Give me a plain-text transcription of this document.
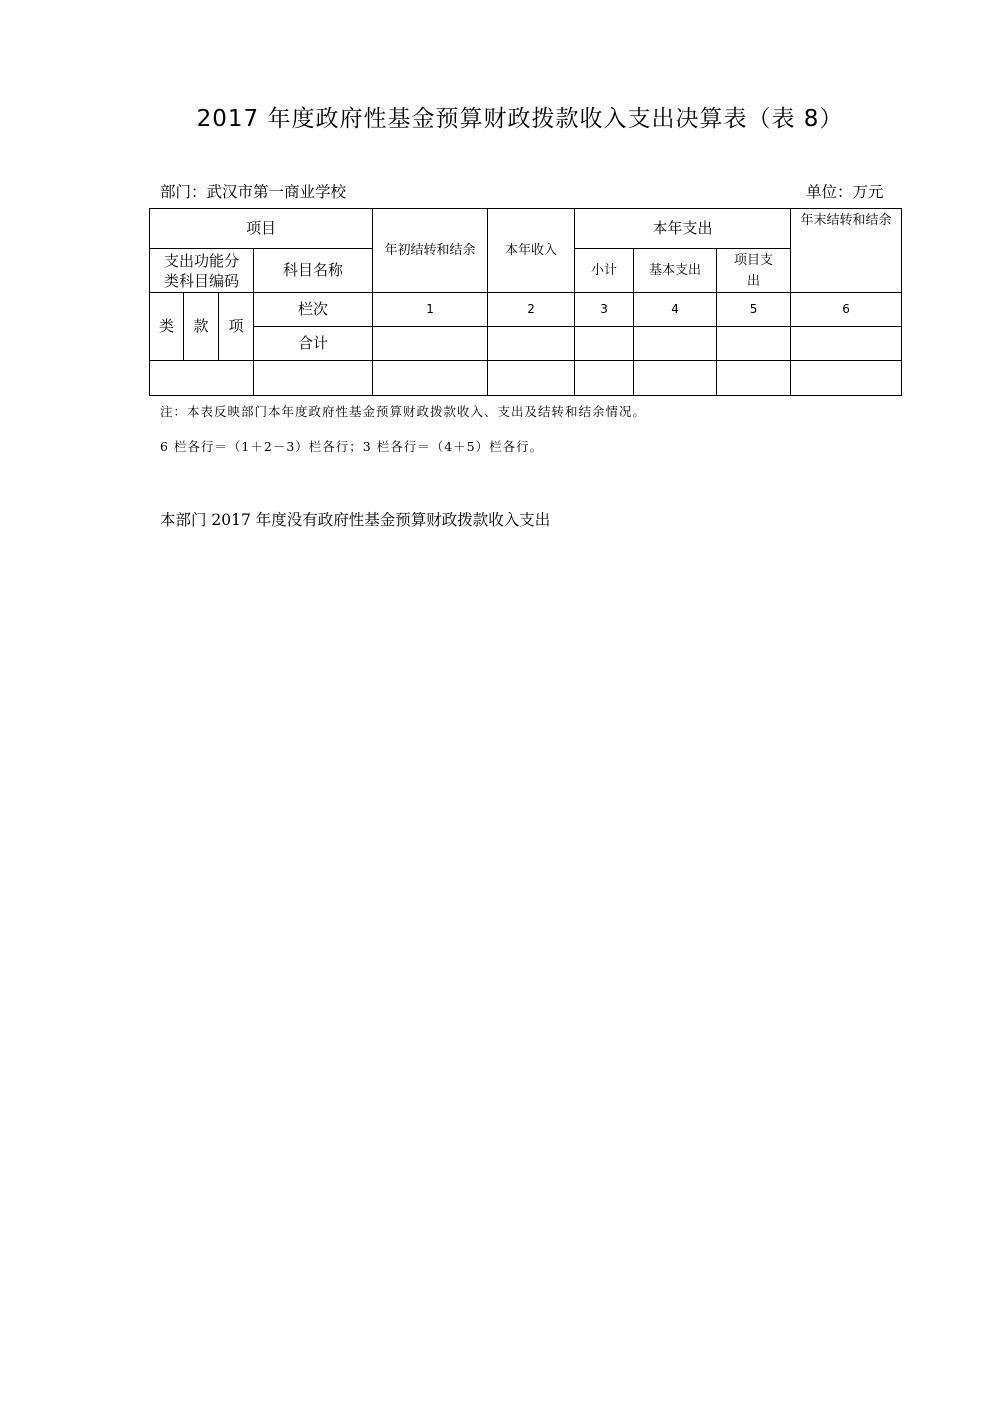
2017 年度政府性基金预算财政拨款收入支出决算表（表 8）
部门：武汉市第一商业学校	单位：万元
项目				年初结转和结余	本年收入	本年支出			年末结转和结余
支出功能分类科目编码			科目名称			小计	基本支出	项目支出	
类	款	项	栏次	1	2	3	4	5	6
			合计						

注：本表反映部门本年度政府性基金预算财政拨款收入、支出及结转和结余情况。
6 栏各行＝（1＋2－3）栏各行；3 栏各行＝（4＋5）栏各行。
本部门 2017 年度没有政府性基金预算财政拨款收入支出
